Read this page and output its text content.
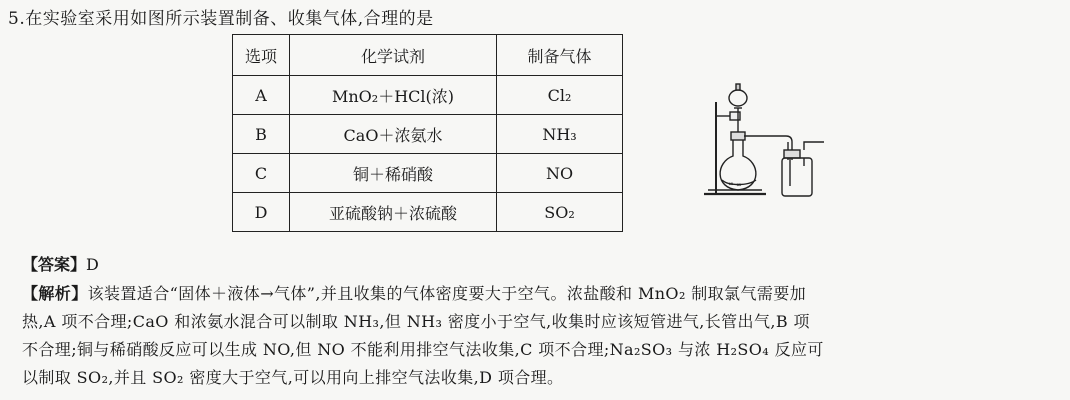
5.在实验室采用如图所示装置制备、收集气体,合理的是
选项	化学试剂	制备气体
A	MnO₂＋HCl(浓)	Cl₂
B	CaO＋浓氨水	NH₃
C	铜＋稀硝酸	NO
D	亚硫酸钠＋浓硫酸	SO₂
∞ ∞
【答案】D
【解析】该装置适合“固体＋液体→气体”,并且收集的气体密度要大于空气。浓盐酸和 MnO₂ 制取氯气需要加
热,A 项不合理;CaO 和浓氨水混合可以制取 NH₃,但 NH₃ 密度小于空气,收集时应该短管进气,长管出气,B 项
不合理;铜与稀硝酸反应可以生成 NO,但 NO 不能利用排空气法收集,C 项不合理;Na₂SO₃ 与浓 H₂SO₄ 反应可
以制取 SO₂,并且 SO₂ 密度大于空气,可以用向上排空气法收集,D 项合理。
